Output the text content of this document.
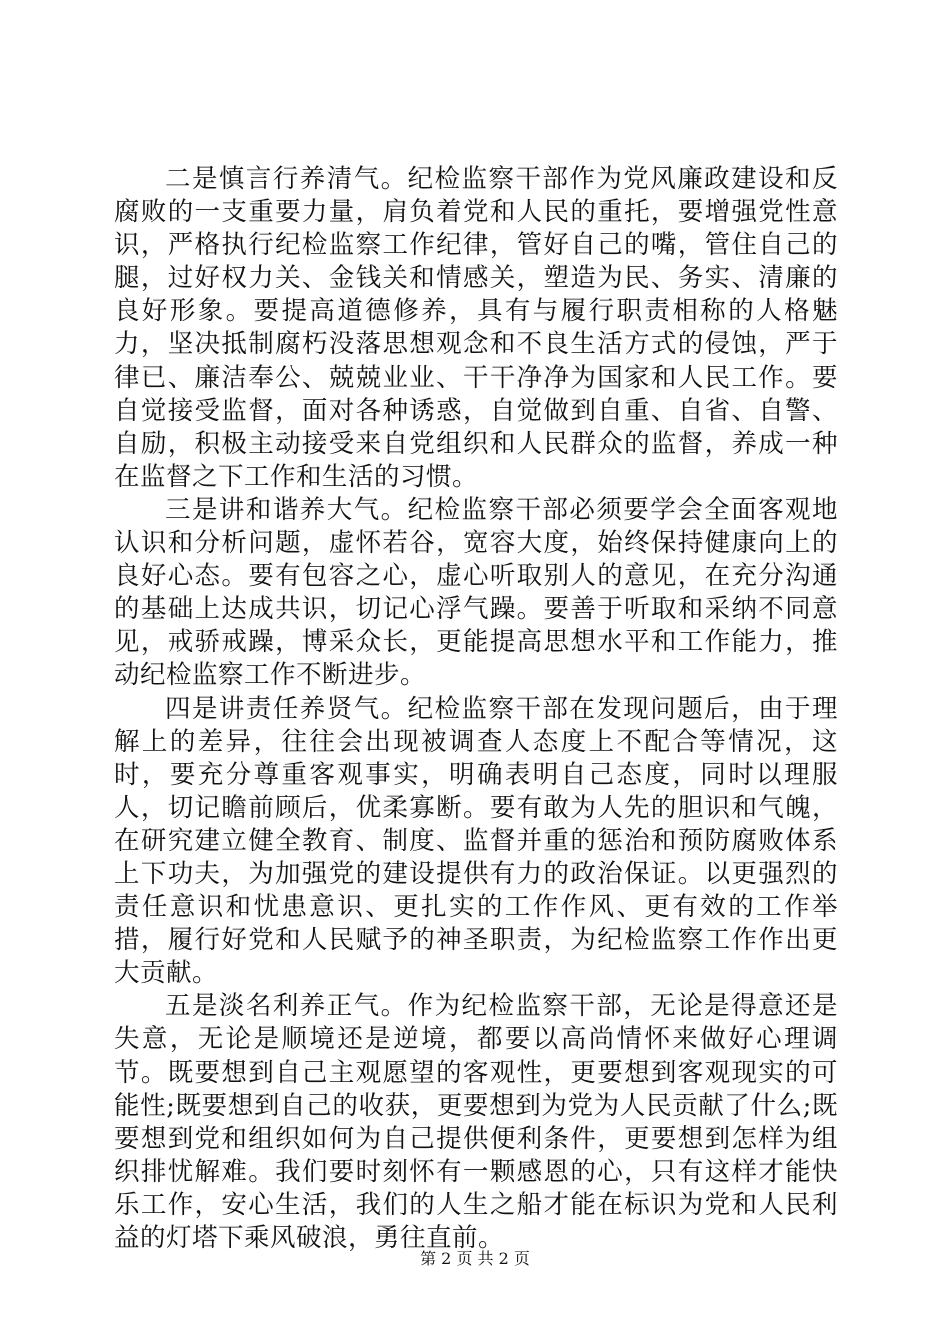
二是慎言行养清气。纪检监察干部作为党风廉政建设和反腐败的一支重要力量，肩负着党和人民的重托，要增强党性意识，严格执行纪检监察工作纪律，管好自己的嘴，管住自己的腿，过好权力关、金钱关和情感关，塑造为民、务实、清廉的良好形象。要提高道德修养，具有与履行职责相称的人格魅力，坚决抵制腐朽没落思想观念和不良生活方式的侵蚀，严于律已、廉洁奉公、兢兢业业、干干净净为国家和人民工作。要自觉接受监督，面对各种诱惑，自觉做到自重、自省、自警、自励，积极主动接受来自党组织和人民群众的监督，养成一种在监督之下工作和生活的习惯。

三是讲和谐养大气。纪检监察干部必须要学会全面客观地认识和分析问题，虚怀若谷，宽容大度，始终保持健康向上的良好心态。要有包容之心，虚心听取别人的意见，在充分沟通的基础上达成共识，切记心浮气躁。要善于听取和采纳不同意见，戒骄戒躁，博采众长，更能提高思想水平和工作能力，推动纪检监察工作不断进步。

四是讲责任养贤气。纪检监察干部在发现问题后，由于理解上的差异，往往会出现被调查人态度上不配合等情况，这时，要充分尊重客观事实，明确表明自己态度，同时以理服人，切记瞻前顾后，优柔寡断。要有敢为人先的胆识和气魄，在研究建立健全教育、制度、监督并重的惩治和预防腐败体系上下功夫，为加强党的建设提供有力的政治保证。以更强烈的责任意识和忧患意识、更扎实的工作作风、更有效的工作举措，履行好党和人民赋予的神圣职责，为纪检监察工作作出更大贡献。

五是淡名利养正气。作为纪检监察干部，无论是得意还是失意，无论是顺境还是逆境，都要以高尚情怀来做好心理调节。既要想到自己主观愿望的客观性，更要想到客观现实的可能性;既要想到自己的收获，更要想到为党为人民贡献了什么;既要想到党和组织如何为自己提供便利条件，更要想到怎样为组织排忧解难。我们要时刻怀有一颗感恩的心，只有这样才能快乐工作，安心生活，我们的人生之船才能在标识为党和人民利益的灯塔下乘风破浪，勇往直前。

第 2 页 共 2 页
